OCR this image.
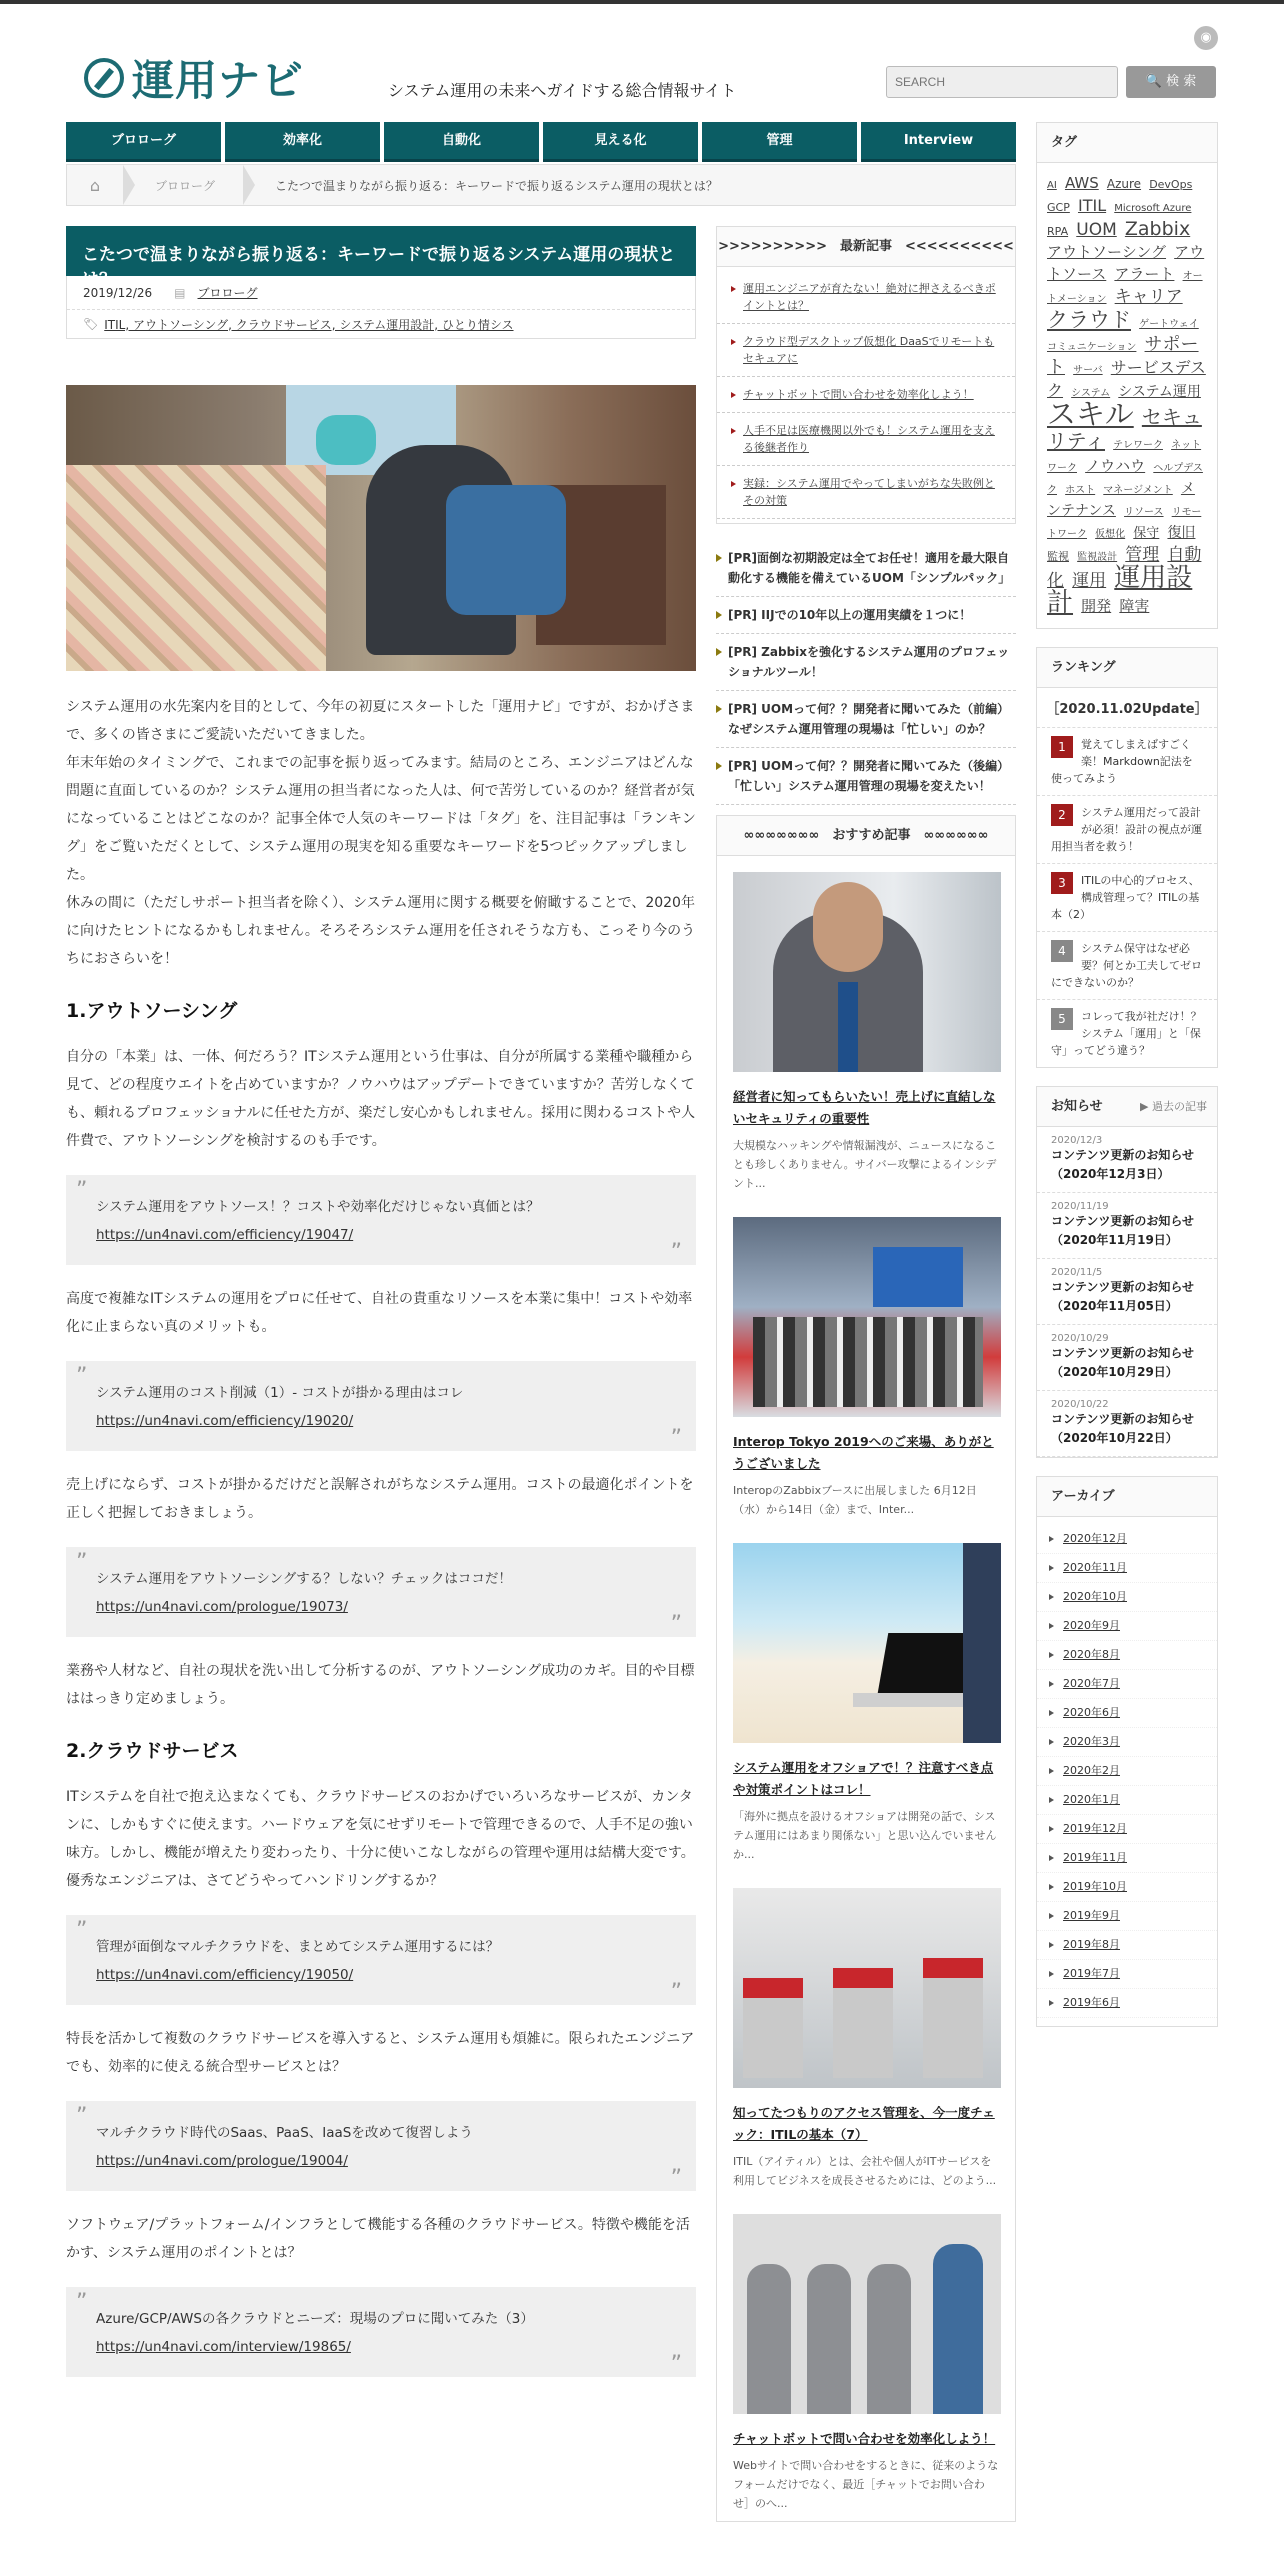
運用ナビ	システム運用の未来へガイドする総合情報サイト
◉
SEARCH
🔍 検 索
ブロローグ	効率化	自動化	見える化	管理	Interview
⌂	ブロローグ	こたつで温まりながら振り返る：キーワードで振り返るシステム運用の現状とは？
こたつで温まりながら振り返る：キーワードで振り返るシステム運用の現状とは？
2019/12/26 ▤ ブロローグ
🏷 ITIL, アウトソーシング, クラウドサービス, システム運用設計, ひとり情シス

システム運用の水先案内を目的として、今年の初夏にスタートした「運用ナビ」ですが、おかげさまで、多くの皆さまにご愛読いただいてきました。

年末年始のタイミングで、これまでの記事を振り返ってみます。結局のところ、エンジニアはどんな問題に直面しているのか？システム運用の担当者になった人は、何で苦労しているのか？経営者が気になっていることはどこなのか？記事全体で人気のキーワードは「タグ」を、注目記事は「ランキング」をご覧いただくとして、システム運用の現実を知る重要なキーワードを5つピックアップしました。

休みの間に（ただしサポート担当者を除く）、システム運用に関する概要を俯瞰することで、2020年に向けたヒントになるかもしれません。そろそろシステム運用を任されそうな方も、こっそり今のうちにおさらいを！

1.アウトソーシング

自分の「本業」は、一体、何だろう？ITシステム運用という仕事は、自分が所属する業種や職種から見て、どの程度ウエイトを占めていますか？ノウハウはアップデートできていますか？苦労しなくても、頼れるプロフェッショナルに任せた方が、楽だし安心かもしれません。採用に関わるコストや人件費で、アウトソーシングを検討するのも手です。

” システム運用をアウトソース！？コストや効率化だけじゃない真価とは？
https://un4navi.com/efficiency/19047/ ”

高度で複雑なITシステムの運用をプロに任せて、自社の貴重なリソースを本業に集中！コストや効率化に止まらない真のメリットも。

” システム運用のコスト削減（1）- コストが掛かる理由はコレ
https://un4navi.com/efficiency/19020/ ”

売上げにならず、コストが掛かるだけだと誤解されがちなシステム運用。コストの最適化ポイントを正しく把握しておきましょう。

” システム運用をアウトソーシングする？しない？チェックはココだ！
https://un4navi.com/prologue/19073/ ”

業務や人材など、自社の現状を洗い出して分析するのが、アウトソーシング成功のカギ。目的や目標ははっきり定めましょう。

2.クラウドサービス

ITシステムを自社で抱え込まなくても、クラウドサービスのおかげでいろいろなサービスが、カンタンに、しかもすぐに使えます。ハードウェアを気にせずリモートで管理できるので、人手不足の強い味方。しかし、機能が増えたり変わったり、十分に使いこなしながらの管理や運用は結構大変です。優秀なエンジニアは、さてどうやってハンドリングするか？

” 管理が面倒なマルチクラウドを、まとめてシステム運用するには？
https://un4navi.com/efficiency/19050/ ”

特長を活かして複数のクラウドサービスを導入すると、システム運用も煩雑に。限られたエンジニアでも、効率的に使える統合型サービスとは？

” マルチクラウド時代のSaas、PaaS、IaaSを改めて復習しよう
https://un4navi.com/prologue/19004/ ”

ソフトウェア/プラットフォーム/インフラとして機能する各種のクラウドサービス。特徴や機能を活かす、システム運用のポイントとは？

” Azure/GCP/AWSの各クラウドとニーズ：現場のプロに聞いてみた（3）
https://un4navi.com/interview/19865/ ”
>>>>>>>>>>　最新記事　<<<<<<<<<<
運用エンジニアが育たない！絶対に押さえるべきポイントとは？
クラウド型デスクトップ仮想化 DaaSでリモートもセキュアに
チャットボットで問い合わせを効率化しよう！
人手不足は医療機関以外でも！システム運用を支える後継者作り
実録：システム運用でやってしまいがちな失敗例とその対策
[PR]面倒な初期設定は全てお任せ！適用を最大限自動化する機能を備えているUOM「シンプルパック」
[PR] IIJでの10年以上の運用実績を１つに！
[PR] Zabbixを強化するシステム運用のプロフェッショナルツール！
[PR] UOMって何？？開発者に聞いてみた（前編）なぜシステム運用管理の現場は「忙しい」のか？
[PR] UOMって何？？開発者に聞いてみた（後編）「忙しい」システム運用管理の現場を変えたい！
∞∞∞∞∞∞∞　おすすめ記事　∞∞∞∞∞∞
経営者に知ってもらいたい！売上げに直結しないセキュリティの重要性
大規模なハッキングや情報漏洩が、ニュースになることも珍しくありません。サイバー攻撃によるインシデント...
Interop Tokyo 2019へのご来場、ありがとうございました
InteropのZabbixブースに出展しました 6月12日（水）から14日（金）まで、Inter...
システム運用をオフショアで！？注意すべき点や対策ポイントはコレ！
「海外に拠点を設けるオフショアは開発の話で、システム運用にはあまり関係ない」と思い込んでいませんか...
知ってたつもりのアクセス管理を、今一度チェック：ITILの基本（7）
ITIL（アイティル）とは、会社や個人がITサービスを利用してビジネスを成長させるためには、どのよう...
チャットボットで問い合わせを効率化しよう！
Webサイトで問い合わせをするときに、従来のようなフォームだけでなく、最近［チャットでお問い合わせ］のへ...
タグ
AI AWS Azure DevOps GCP ITIL Microsoft Azure RPA UOM Zabbix アウトソーシング アウトソース アラート オートメーション キャリア クラウド ゲートウェイ コミュニケーション サポート サーバ サービスデスク システム システム運用 スキル セキュリティ テレワーク ネットワーク ノウハウ ヘルプデスク ホスト マネージメント メンテナンス リソース リモートワーク 仮想化 保守 復旧 監視 監視設計 管理 自動化 運用 運用設計 開発 障害
ランキング
［2020.11.02Update］
1	覚えてしまえばすごく楽！Markdown記法を使ってみよう
2	システム運用だって設計が必須！設計の視点が運用担当者を救う！
3	ITILの中心的プロセス、構成管理って？ITILの基本（2）
4	システム保守はなぜ必要？何とか工夫してゼロにできないのか？
5	コレって我が社だけ！？システム「運用」と「保守」ってどう違う？
お知らせ	▶ 過去の記事
2020/12/3
コンテンツ更新のお知らせ（2020年12月3日）
2020/11/19
コンテンツ更新のお知らせ（2020年11月19日）
2020/11/5
コンテンツ更新のお知らせ（2020年11月05日）
2020/10/29
コンテンツ更新のお知らせ（2020年10月29日）
2020/10/22
コンテンツ更新のお知らせ（2020年10月22日）
アーカイブ
2020年12月
2020年11月
2020年10月
2020年9月
2020年8月
2020年7月
2020年6月
2020年3月
2020年2月
2020年1月
2019年12月
2019年11月
2019年10月
2019年9月
2019年8月
2019年7月
2019年6月
